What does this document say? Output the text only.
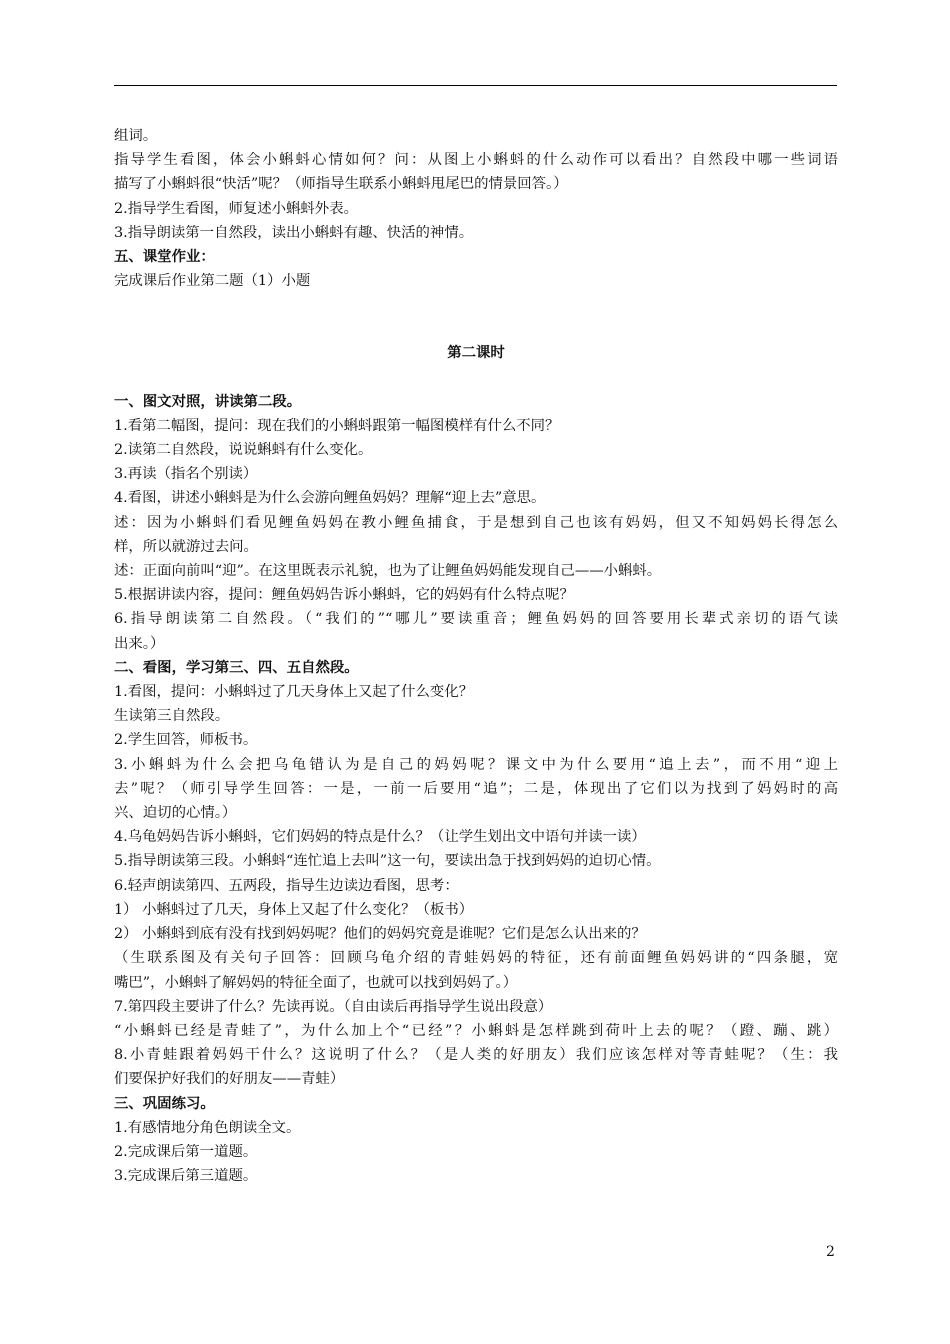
组词。
指导学生看图，体会小蝌蚪心情如何？问：从图上小蝌蚪的什么动作可以看出？自然段中哪一些词语
描写了小蝌蚪很“快活”呢？（师指导生联系小蝌蚪甩尾巴的情景回答。）
2.指导学生看图，师复述小蝌蚪外表。
3.指导朗读第一自然段，读出小蝌蚪有趣、快活的神情。
五、课堂作业：
完成课后作业第二题（1）小题
第二课时
一、图文对照，讲读第二段。
1.看第二幅图，提问：现在我们的小蝌蚪跟第一幅图模样有什么不同？
2.读第二自然段，说说蝌蚪有什么变化。
3.再读（指名个别读）
4.看图，讲述小蝌蚪是为什么会游向鲤鱼妈妈？理解“迎上去”意思。
述：因为小蝌蚪们看见鲤鱼妈妈在教小鲤鱼捕食，于是想到自己也该有妈妈，但又不知妈妈长得怎么
样，所以就游过去问。
述：正面向前叫“迎”。在这里既表示礼貌，也为了让鲤鱼妈妈能发现自己——小蝌蚪。
5.根据讲读内容，提问：鲤鱼妈妈告诉小蝌蚪，它的妈妈有什么特点呢？
6.指导朗读第二自然段。（“我们的”“哪儿”要读重音；鲤鱼妈妈的回答要用长辈式亲切的语气读
出来。）
二、看图，学习第三、四、五自然段。
1.看图，提问：小蝌蚪过了几天身体上又起了什么变化？
生读第三自然段。
2.学生回答，师板书。
3.小蝌蚪为什么会把乌龟错认为是自己的妈妈呢？课文中为什么要用“追上去”，而不用“迎上
去”呢？（师引导学生回答：一是，一前一后要用“追”；二是，体现出了它们以为找到了妈妈时的高
兴、迫切的心情。）
4.乌龟妈妈告诉小蝌蚪，它们妈妈的特点是什么？（让学生划出文中语句并读一读）
5.指导朗读第三段。小蝌蚪“连忙追上去叫”这一句，要读出急于找到妈妈的迫切心情。
6.轻声朗读第四、五两段，指导生边读边看图，思考：
1） 小蝌蚪过了几天，身体上又起了什么变化？（板书）
2） 小蝌蚪到底有没有找到妈妈呢？他们的妈妈究竟是谁呢？它们是怎么认出来的？
（生联系图及有关句子回答：回顾乌龟介绍的青蛙妈妈的特征，还有前面鲤鱼妈妈讲的“四条腿，宽
嘴巴”，小蝌蚪了解妈妈的特征全面了，也就可以找到妈妈了。）
7.第四段主要讲了什么？先读再说。（自由读后再指导学生说出段意）
“小蝌蚪已经是青蛙了”，为什么加上个“已经”？小蝌蚪是怎样跳到荷叶上去的呢？（蹬、蹦、跳）
8.小青蛙跟着妈妈干什么？这说明了什么？（是人类的好朋友）我们应该怎样对等青蛙呢？（生：我
们要保护好我们的好朋友——青蛙）
三、巩固练习。
1.有感情地分角色朗读全文。
2.完成课后第一道题。
3.完成课后第三道题。
2
